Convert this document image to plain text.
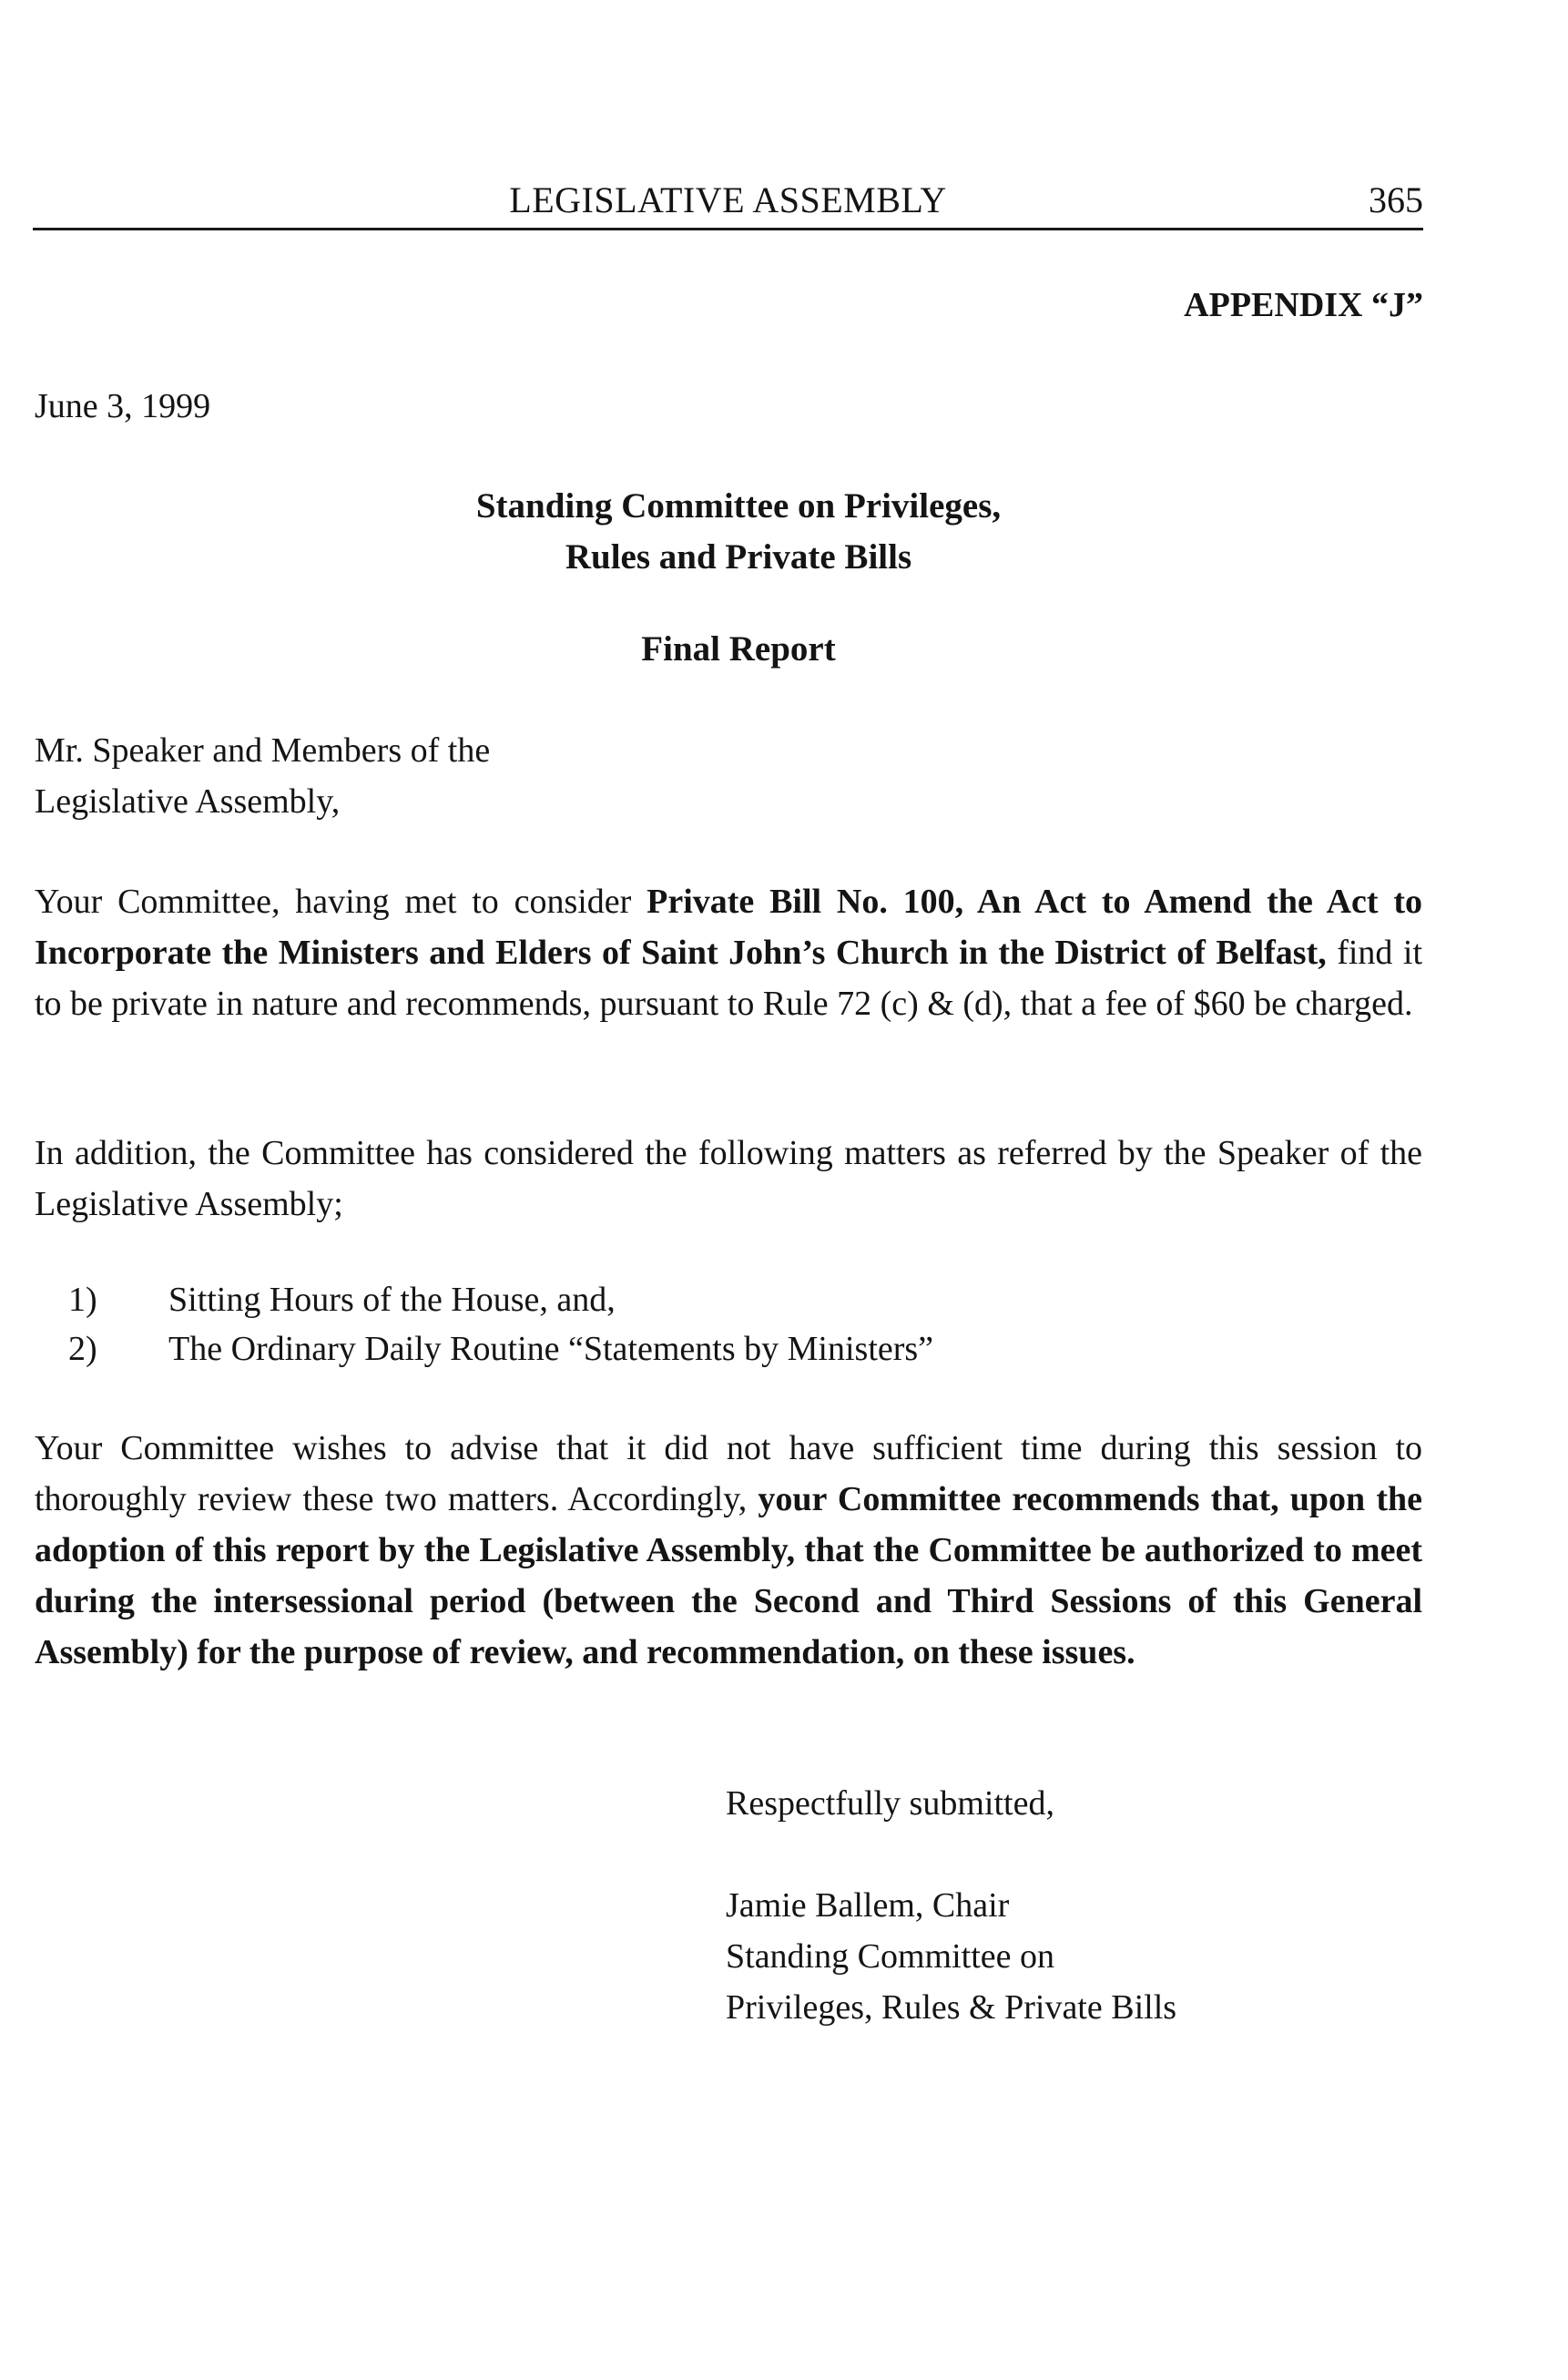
LEGISLATIVE ASSEMBLY	365
APPENDIX “J”
June 3, 1999
Standing Committee on Privileges,
Rules and Private Bills
Final Report
Mr. Speaker and Members of the
Legislative Assembly,

Your Committee, having met to consider Private Bill No. 100, An Act to Amend the Act to Incorporate the Ministers and Elders of Saint John’s Church in the District of Belfast, find it to be private in nature and recommends, pursuant to Rule 72 (c) & (d), that a fee of $60 be charged.

In addition, the Committee has considered the following matters as referred by the Speaker of the Legislative Assembly;

1)	Sitting Hours of the House, and,
2)	The Ordinary Daily Routine “Statements by Ministers”

Your Committee wishes to advise that it did not have sufficient time during this session to thoroughly review these two matters. Accordingly, your Committee recommends that, upon the adoption of this report by the Legislative Assembly, that the Committee be authorized to meet during the intersessional period (between the Second and Third Sessions of this General Assembly) for the purpose of review, and recommendation, on these issues.

Respectfully submitted,
Jamie Ballem, Chair
Standing Committee on
Privileges, Rules & Private Bills
